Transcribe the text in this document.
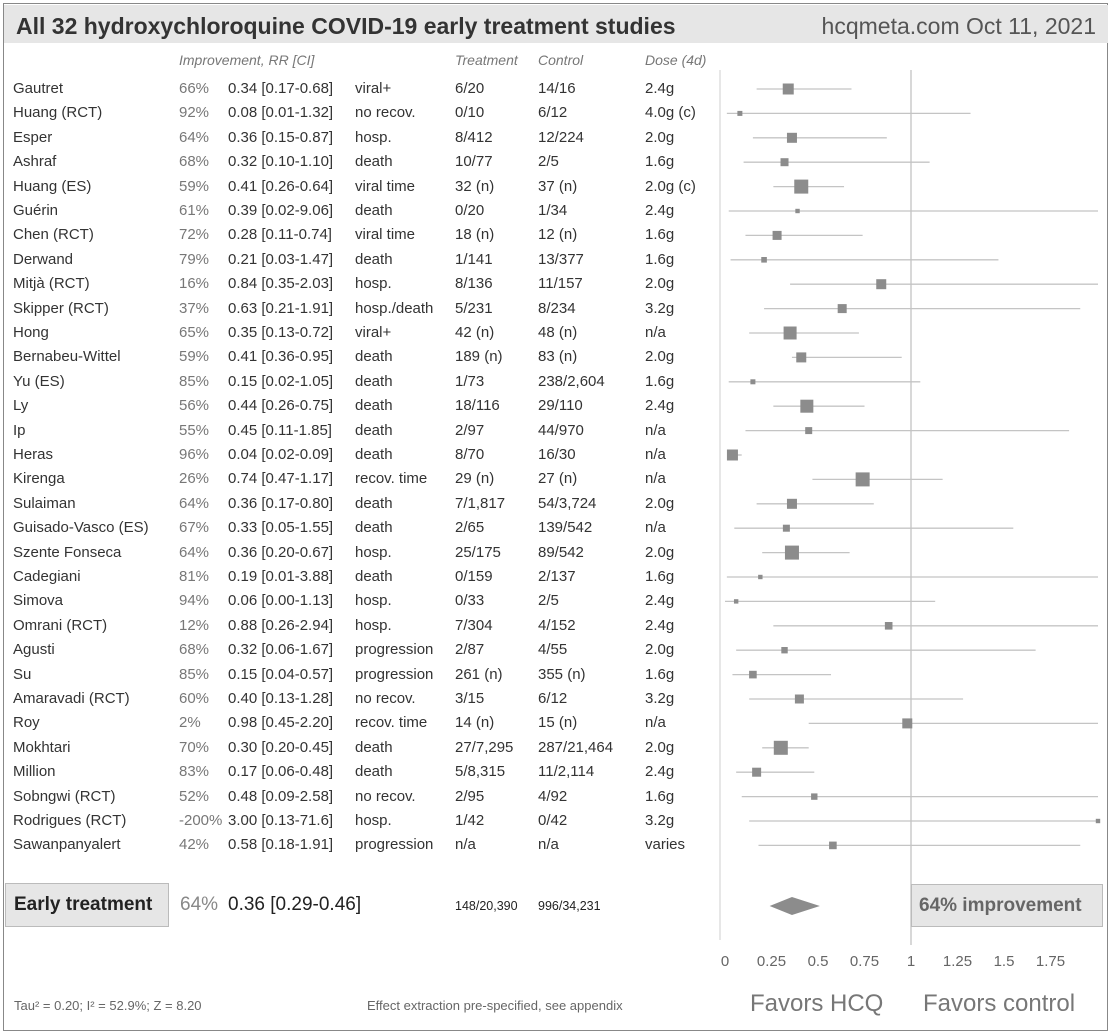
All 32 hydroxychloroquine COVID-19 early treatment studies	hcqmeta.com Oct 11, 2021
Improvement, RR [CI]	Treatment Control	Dose (4d)
Gautret	66% 0.34 [0.17-0.68] viral+	6/20	14/16	2.4g
Huang (RCT)	92% 0.08 [0.01-1.32] no recov.	0/10	6/12	4.0g (c)
Esper	64% 0.36 [0.15-0.87] hosp.	8/412	12/224	2.0g
Ashraf	68% 0.32 [0.10-1.10] death	10/77	2/5	1.6g
Huang (ES)	59% 0.41 [0.26-0.64] viral time	32 (n)	37 (n)	2.0g (c)
Guérin	61% 0.39 [0.02-9.06] death	0/20	1/34	2.4g
Chen (RCT)	72% 0.28 [0.11-0.74] viral time	18 (n)	12 (n)	1.6g
Derwand	79% 0.21 [0.03-1.47] death	1/141	13/377	1.6g
Mitjà (RCT)	16% 0.84 [0.35-2.03] hosp.	8/136	11/157	2.0g
Skipper (RCT)	37% 0.63 [0.21-1.91] hosp./death 5/231	8/234	3.2g
Hong	65% 0.35 [0.13-0.72] viral+	42 (n)	48 (n)	n/a
Bernabeu-Wittel	59% 0.41 [0.36-0.95] death	189 (n) 83 (n)	2.0g
Yu (ES)	85% 0.15 [0.02-1.05] death	1/73	238/2,604	1.6g
Ly	56% 0.44 [0.26-0.75] death	18/116	29/110	2.4g
Ip	55% 0.45 [0.11-1.85] death	2/97	44/970	n/a
Heras	96% 0.04 [0.02-0.09] death	8/70	16/30	n/a
Kirenga	26% 0.74 [0.47-1.17] recov. time 29 (n)	27 (n)	n/a
Sulaiman	64% 0.36 [0.17-0.80] death	7/1,817 54/3,724	2.0g
Guisado-Vasco (ES) 67% 0.33 [0.05-1.55] death	2/65	139/542	n/a
Szente Fonseca	64% 0.36 [0.20-0.67] hosp.	25/175 89/542	2.0g
Cadegiani	81% 0.19 [0.01-3.88] death	0/159	2/137	1.6g
Simova	94% 0.06 [0.00-1.13] hosp.	0/33	2/5	2.4g
Omrani (RCT)	12% 0.88 [0.26-2.94] hosp.	7/304	4/152	2.4g
Agusti	68% 0.32 [0.06-1.67] progression 2/87	4/55	2.0g
Su	85% 0.15 [0.04-0.57] progression 261 (n) 355 (n)	1.6g
Amaravadi (RCT)	60% 0.40 [0.13-1.28] no recov.	3/15	6/12	3.2g
Roy	2% 0.98 [0.45-2.20] recov. time 14 (n)	15 (n)	n/a
Mokhtari	70% 0.30 [0.20-0.45] death	27/7,295 287/21,464 2.0g
Million	83% 0.17 [0.06-0.48] death	5/8,315 11/2,114	2.4g
Sobngwi (RCT)	52% 0.48 [0.09-2.58] no recov.	2/95	4/92	1.6g
Rodrigues (RCT)	-200% 3.00 [0.13-71.6] hosp.	1/42	0/42	3.2g
Sawanpanyalert	42% 0.58 [0.18-1.91] progression n/a	n/a	varies
0 0.25 0.5 0.75 1 1.25 1.5 1.75
Early treatment 64% 0.36 [0.29-0.46]	148/20,390 996/34,231	64% improvement
Tau² = 0.20; I² = 52.9%; Z = 8.20	Effect extraction pre-specified, see appendix	Favors HCQ Favors control
